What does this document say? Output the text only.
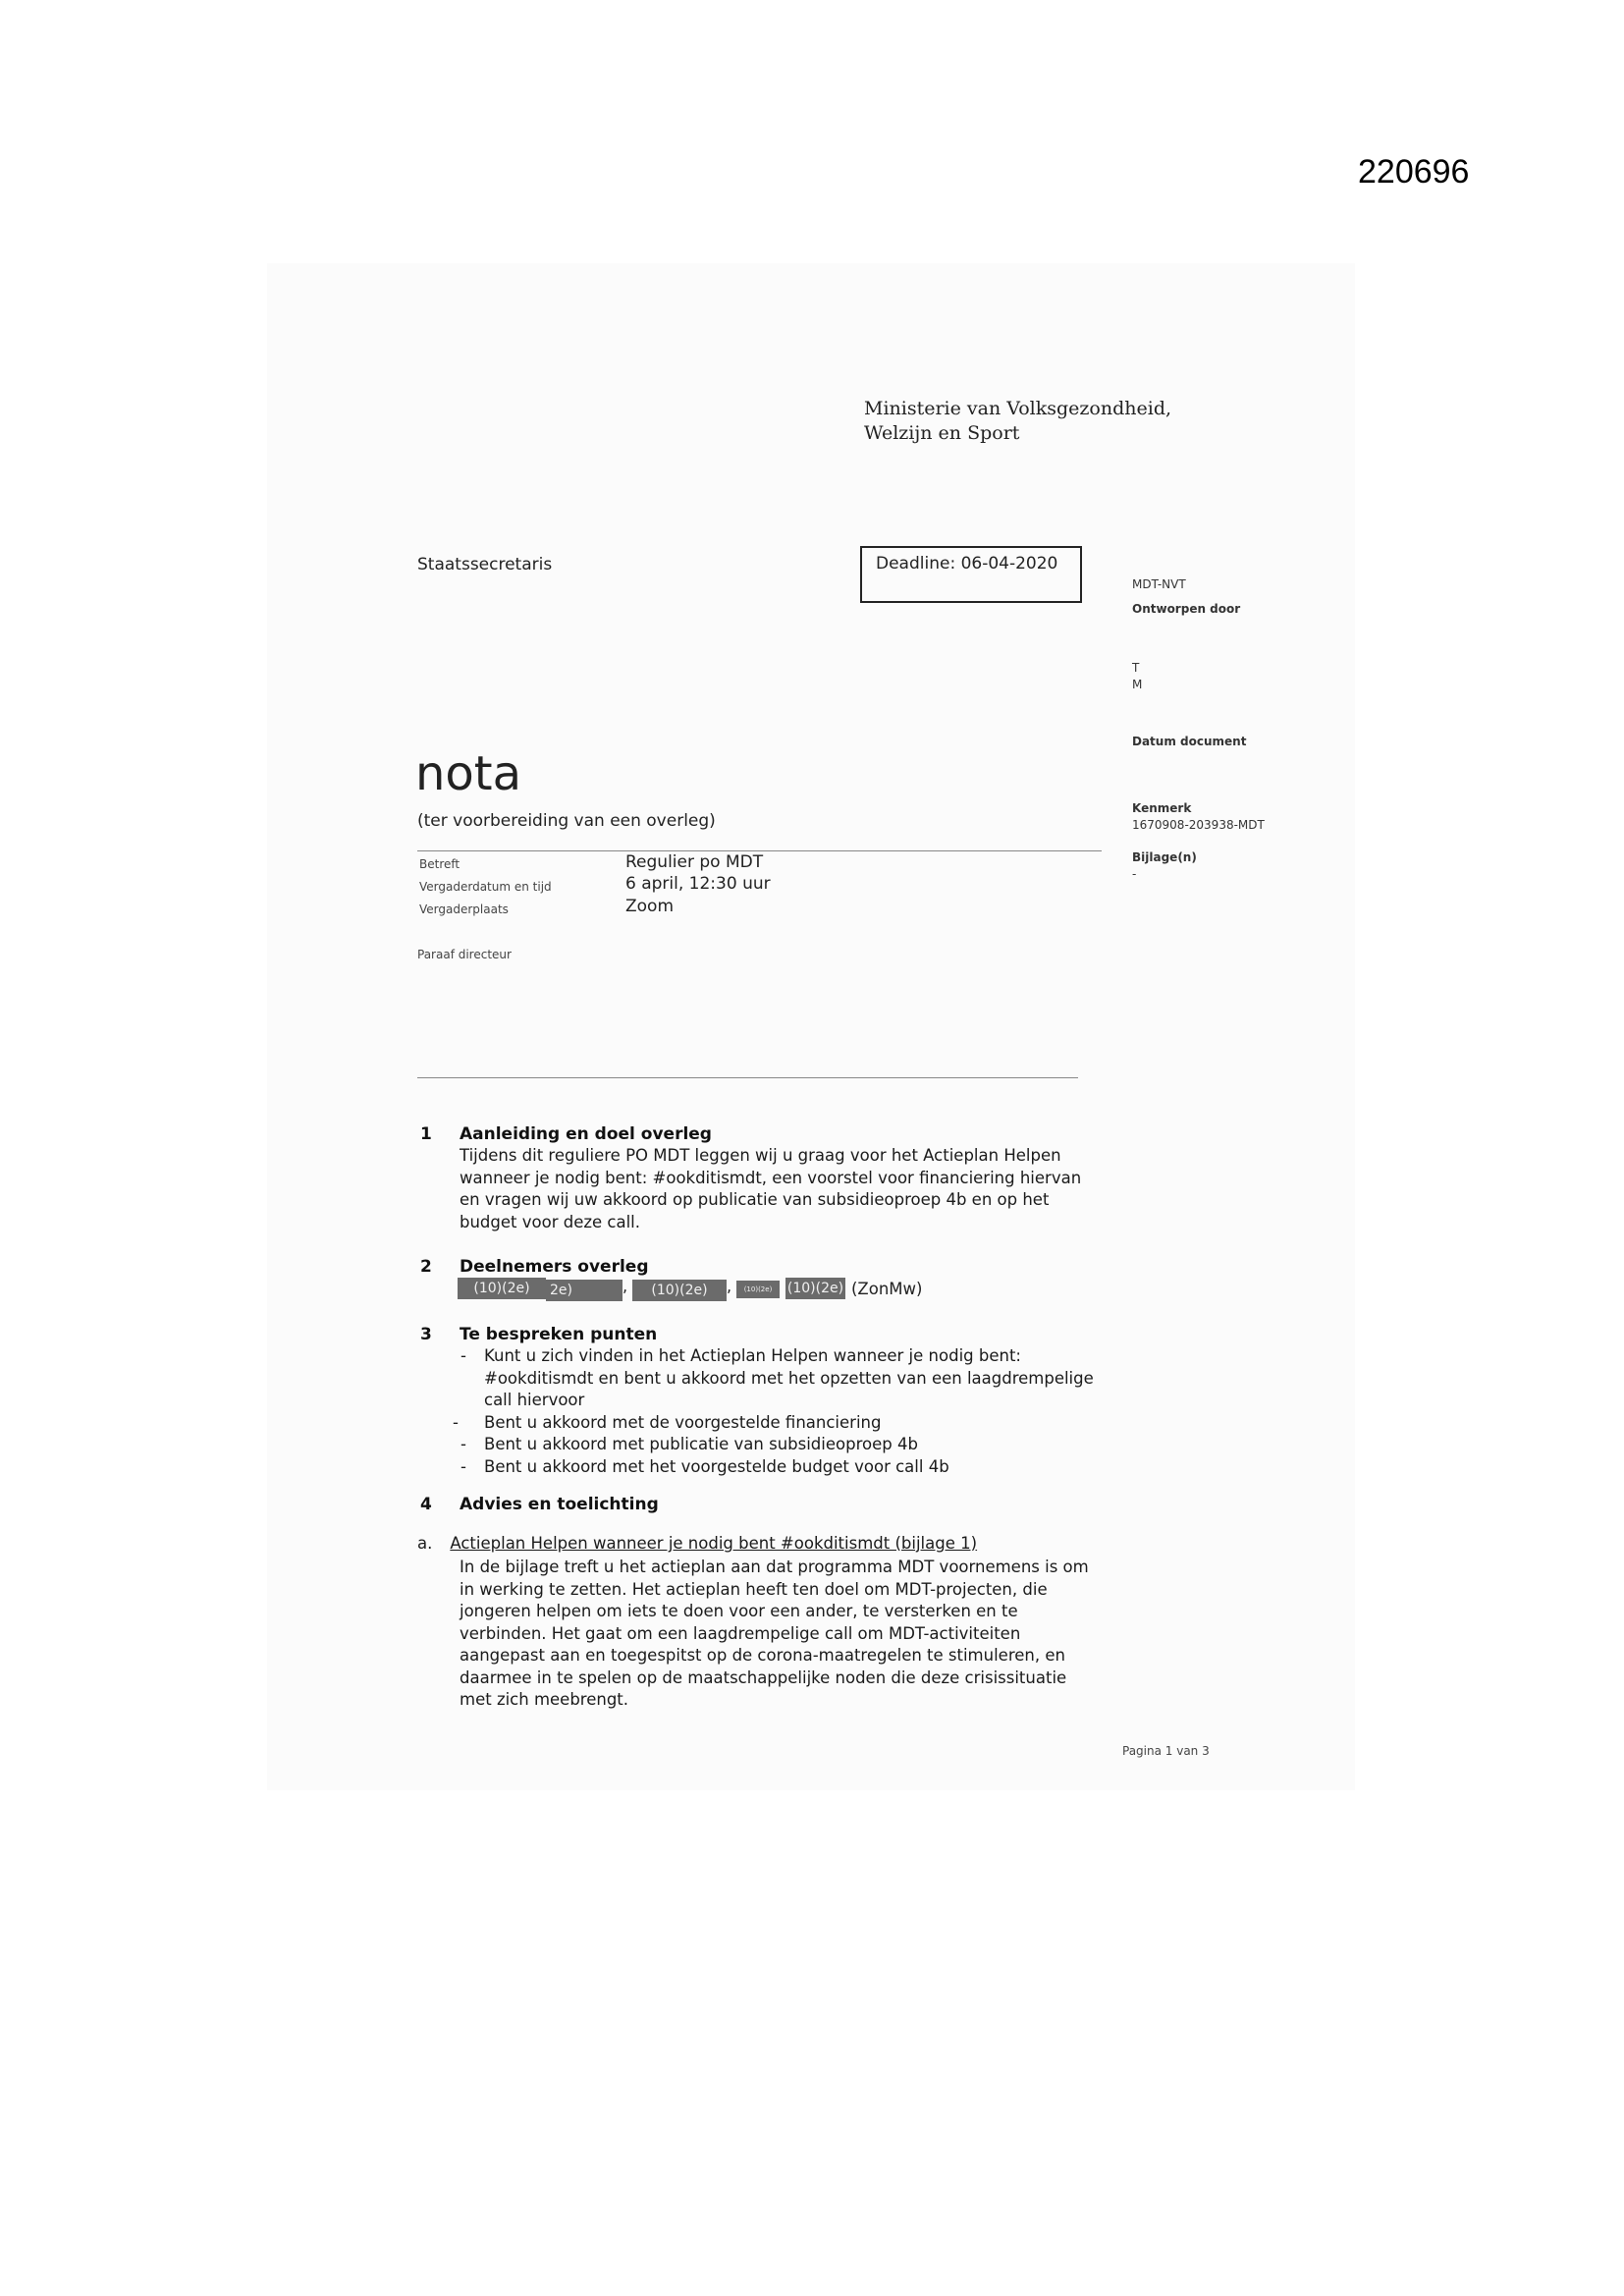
220696
Ministerie van Volksgezondheid,
Welzijn en Sport
Staatssecretaris	Deadline: 06-04-2020
MDT-NVT
Ontworpen door
T
M
Datum document
Kenmerk
1670908-203938-MDT
Bijlage(n)
-
nota
(ter voorbereiding van een overleg)
Betreft	Regulier po MDT
Vergaderdatum en tijd	6 april, 12:30 uur
Vergaderplaats	Zoom
Paraaf directeur
1 Aanleiding en doel overleg
Tijdens dit reguliere PO MDT leggen wij u graag voor het Actieplan Helpen
wanneer je nodig bent: #ookditismdt, een voorstel voor financiering hiervan
en vragen wij uw akkoord op publicatie van subsidieoproep 4b en op het
budget voor deze call.
2 Deelnemers overleg
(10)(2e)	2e)	,	(10)(2e)	,	(10)(2e)	(10)(2e) (ZonMw)
3 Te bespreken punten
- Kunt u zich vinden in het Actieplan Helpen wanneer je nodig bent:
#ookditismdt en bent u akkoord met het opzetten van een laagdrempelige
call hiervoor
- Bent u akkoord met de voorgestelde financiering
- Bent u akkoord met publicatie van subsidieoproep 4b
- Bent u akkoord met het voorgestelde budget voor call 4b
4 Advies en toelichting
a. Actieplan Helpen wanneer je nodig bent #ookditismdt (bijlage 1)
In de bijlage treft u het actieplan aan dat programma MDT voornemens is om
in werking te zetten. Het actieplan heeft ten doel om MDT-projecten, die
jongeren helpen om iets te doen voor een ander, te versterken en te
verbinden. Het gaat om een laagdrempelige call om MDT-activiteiten
aangepast aan en toegespitst op de corona-maatregelen te stimuleren, en
daarmee in te spelen op de maatschappelijke noden die deze crisissituatie
met zich meebrengt.
Pagina 1 van 3
